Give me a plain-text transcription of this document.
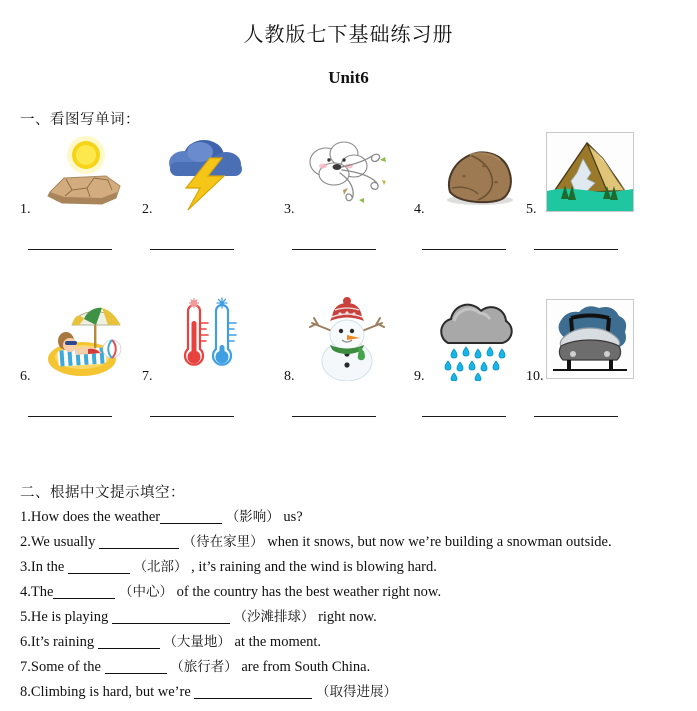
人教版七下基础练习册
Unit6
一、看图写单词：
1.	2.	3.	4.	5.
6.	7.	8.	9.	10.
二、根据中文提示填空：
1.How does the weather	（影响） us?
2.We usually	（待在家里） when it snows, but now we’re building a snowman outside.
3.In the	（北部） , it’s raining and the wind is blowing hard.
4.The	（中心） of the country has the best weather right now.
5.He is playing	（沙滩排球） right now.
6.It’s raining	（大量地） at the moment.
7.Some of the	（旅行者） are from South China.
8.Climbing is hard, but we’re	（取得进展）
